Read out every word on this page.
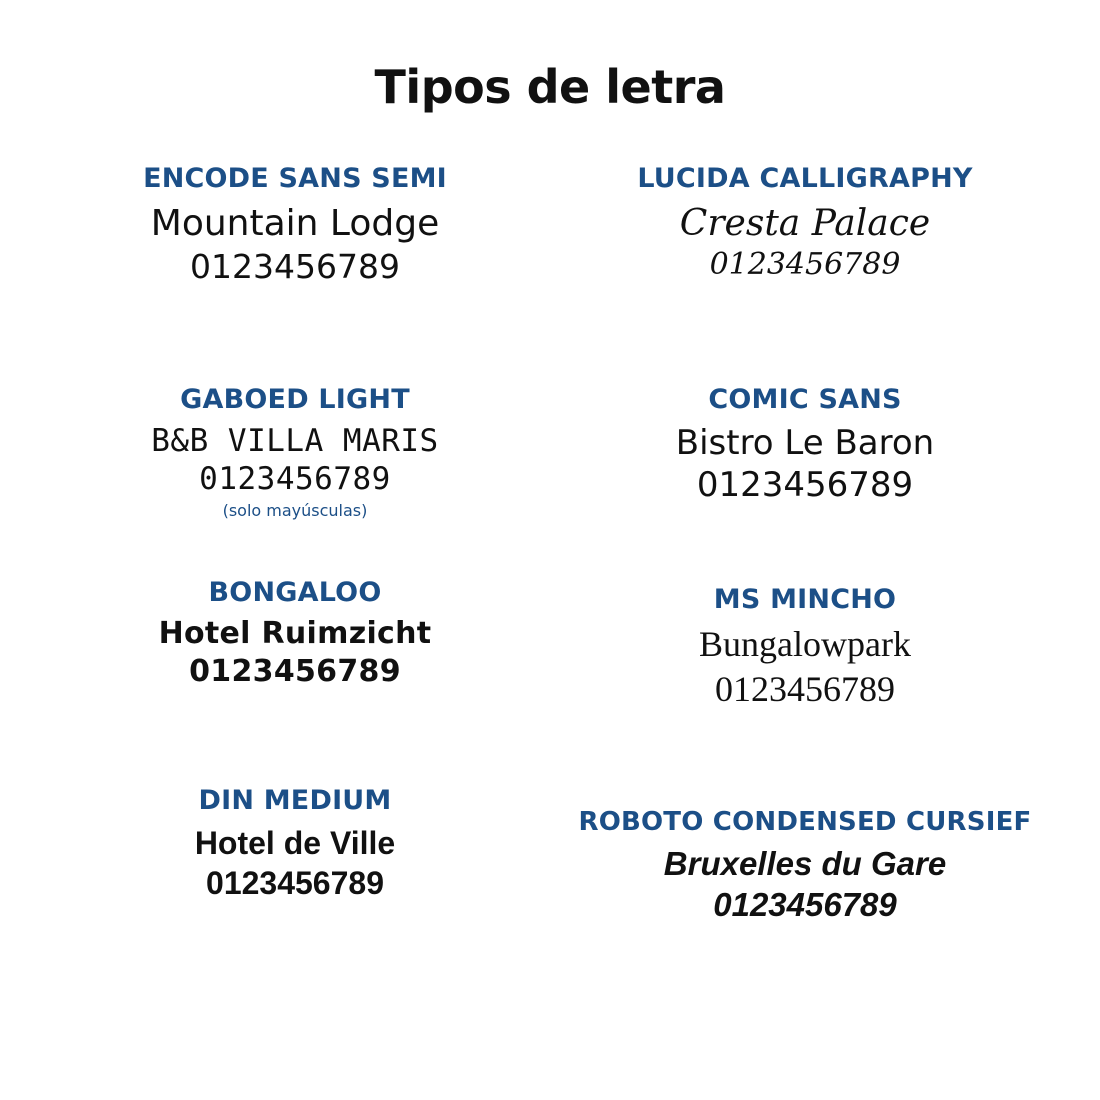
Tipos de letra
ENCODE SANS SEMI
Mountain Lodge
0123456789
GABOED LIGHT
B&B VILLA MARIS
0123456789
(solo mayúsculas)
BONGALOO
Hotel Ruimzicht
0123456789
DIN MEDIUM
Hotel de Ville
0123456789
LUCIDA CALLIGRAPHY
Cresta Palace
0123456789
COMIC SANS
Bistro Le Baron
0123456789
MS MINCHO
Bungalowpark
0123456789
ROBOTO CONDENSED CURSIEF
Bruxelles du Gare
0123456789
